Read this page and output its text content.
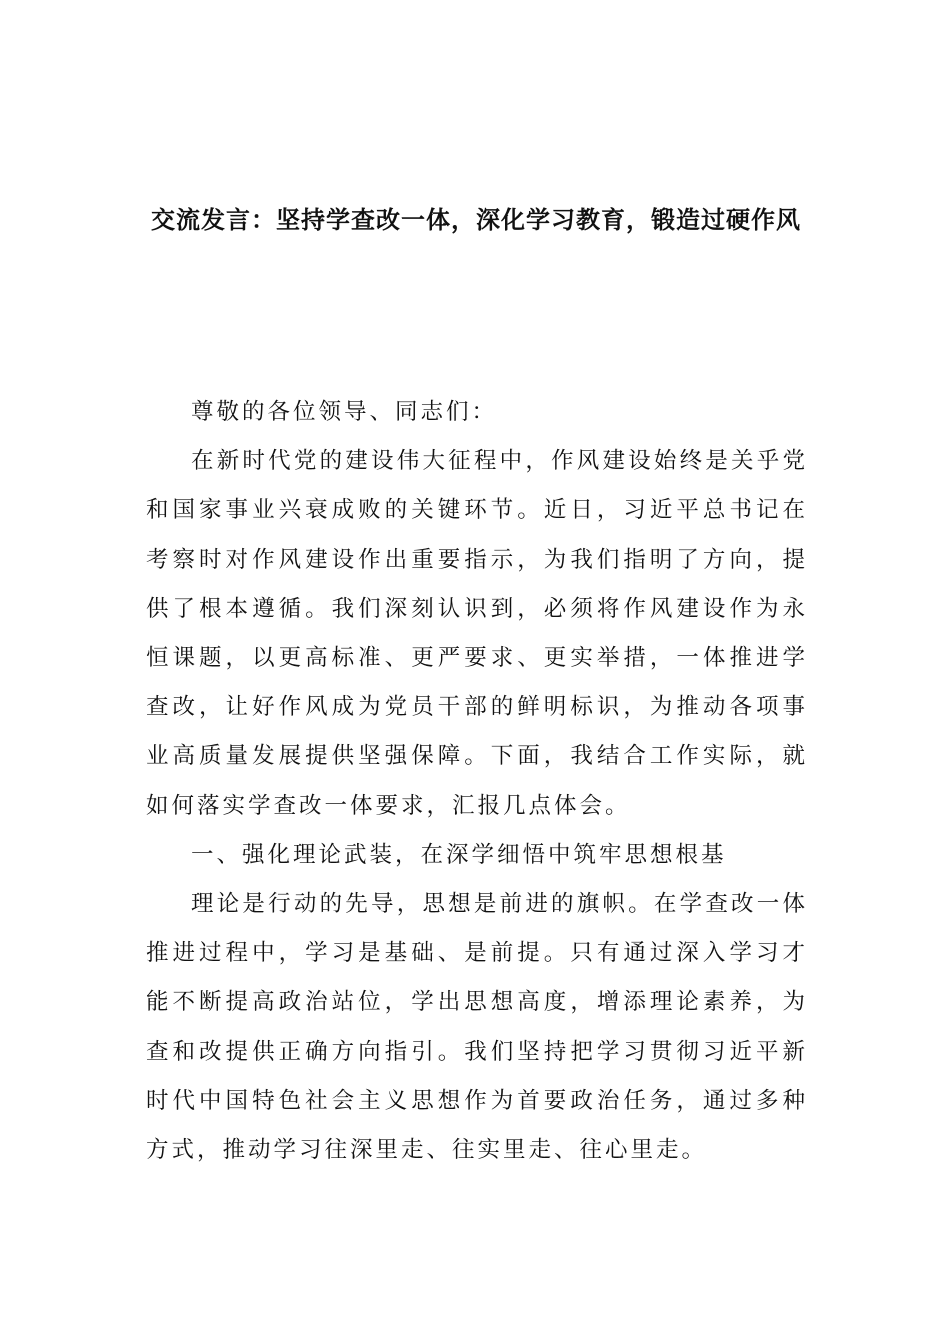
交流发言：坚持学查改一体，深化学习教育，锻造过硬作风

尊敬的各位领导、同志们：

在新时代党的建设伟大征程中，作风建设始终是关乎党和国家事业兴衰成败的关键环节。近日，习近平总书记在考察时对作风建设作出重要指示，为我们指明了方向，提供了根本遵循。我们深刻认识到，必须将作风建设作为永恒课题，以更高标准、更严要求、更实举措，一体推进学查改，让好作风成为党员干部的鲜明标识，为推动各项事业高质量发展提供坚强保障。下面，我结合工作实际，就如何落实学查改一体要求，汇报几点体会。

一、强化理论武装，在深学细悟中筑牢思想根基

理论是行动的先导，思想是前进的旗帜。在学查改一体推进过程中，学习是基础、是前提。只有通过深入学习才能不断提高政治站位，学出思想高度，增添理论素养，为查和改提供正确方向指引。我们坚持把学习贯彻习近平新时代中国特色社会主义思想作为首要政治任务，通过多种方式，推动学习往深里走、往实里走、往心里走。
